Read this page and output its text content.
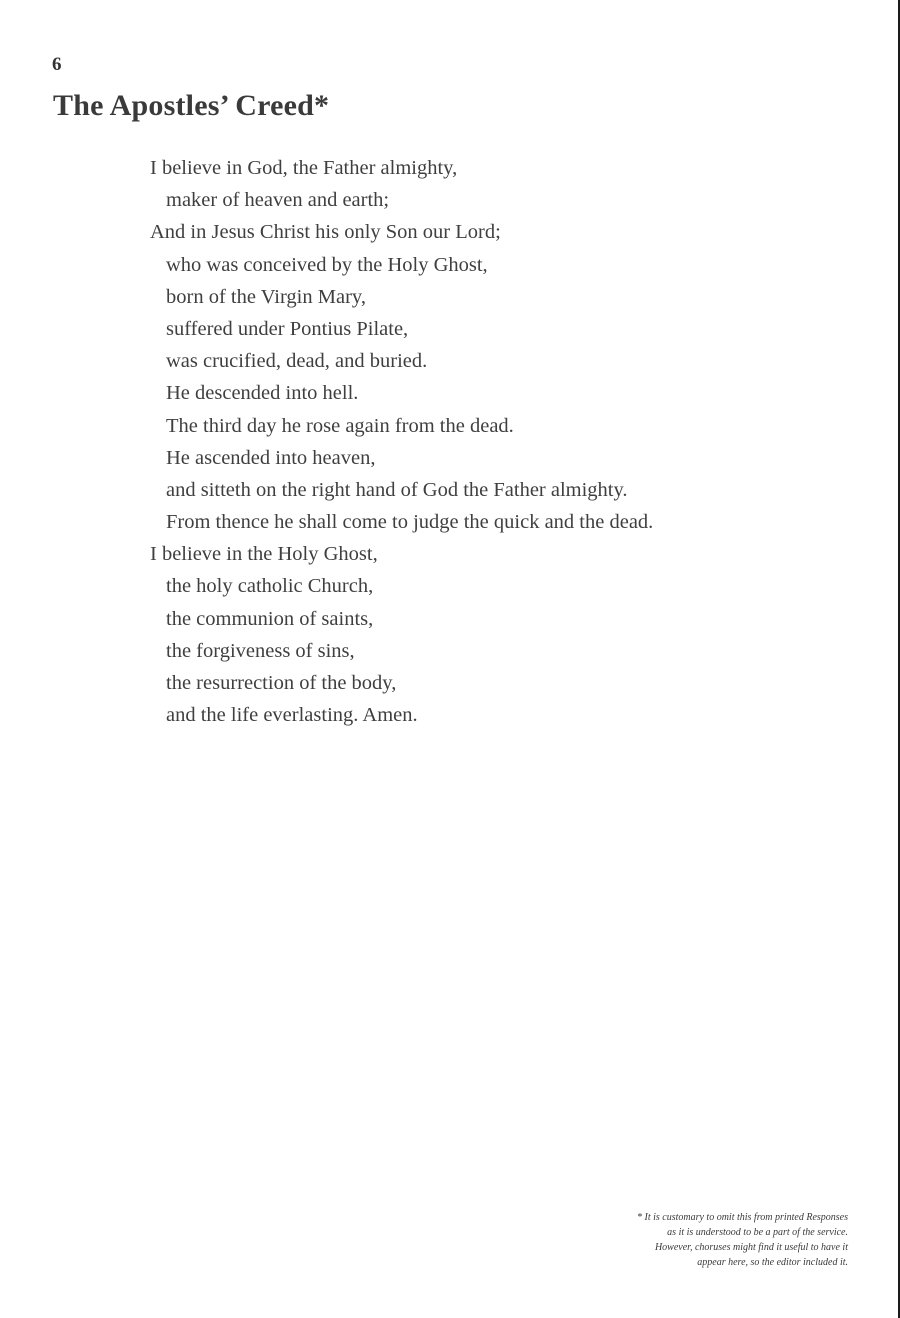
6
The Apostles’ Creed*
I believe in God, the Father almighty,
maker of heaven and earth;
And in Jesus Christ his only Son our Lord;
who was conceived by the Holy Ghost,
born of the Virgin Mary,
suffered under Pontius Pilate,
was crucified, dead, and buried.
He descended into hell.
The third day he rose again from the dead.
He ascended into heaven,
and sitteth on the right hand of God the Father almighty.
From thence he shall come to judge the quick and the dead.
I believe in the Holy Ghost,
the holy catholic Church,
the communion of saints,
the forgiveness of sins,
the resurrection of the body,
and the life everlasting. Amen.
* It is customary to omit this from printed Responses
as it is understood to be a part of the service.
However, choruses might find it useful to have it
appear here, so the editor included it.
